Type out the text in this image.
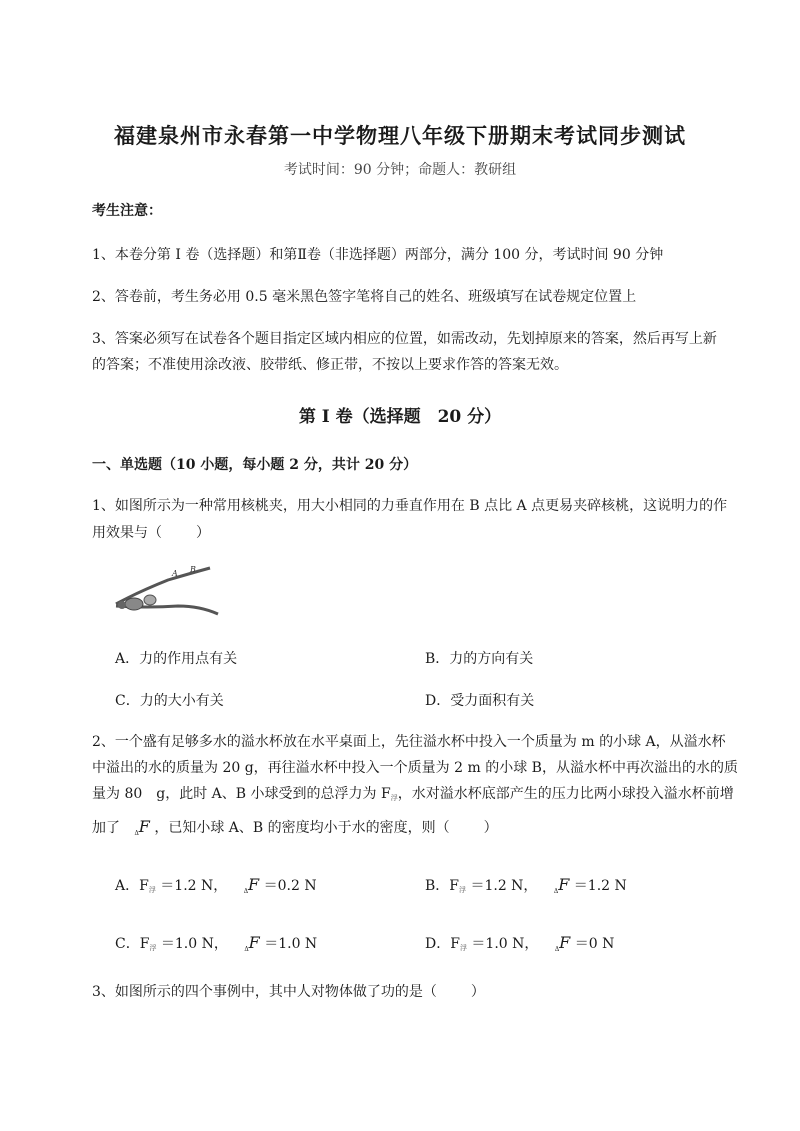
福建泉州市永春第一中学物理八年级下册期末考试同步测试
考试时间：90 分钟；命题人：教研组
考生注意：
1、本卷分第 I 卷（选择题）和第Ⅱ卷（非选择题）两部分，满分 100 分，考试时间 90 分钟
2、答卷前，考生务必用 0.5 毫米黑色签字笔将自己的姓名、班级填写在试卷规定位置上
3、答案必须写在试卷各个题目指定区域内相应的位置，如需改动，先划掉原来的答案，然后再写上新
的答案；不准使用涂改液、胶带纸、修正带，不按以上要求作答的答案无效。
第 I 卷（选择题　20 分）
一、单选题（10 小题，每小题 2 分，共计 20 分）
1、如图所示为一种常用核桃夹，用大小相同的力垂直作用在 B 点比 A 点更易夹碎核桃，这说明力的作
用效果与（ ）
A B
A．力的作用点有关	B．力的方向有关
C．力的大小有关	D．受力面积有关
2、一个盛有足够多水的溢水杯放在水平桌面上，先往溢水杯中投入一个质量为 m 的小球 A，从溢水杯
中溢出的水的质量为 20 g，再往溢水杯中投入一个质量为 2 m 的小球 B，从溢水杯中再次溢出的水的质
量为 80　g，此时 A、B 小球受到的总浮力为 $F_浮$，水对溢水杯底部产生的压力比两小球投入溢水杯前增
加了 $_\Delta$F ，已知小球 A、B 的密度均小于水的密度，则（ ）
A．$F_浮 =1.2$ N，	$_\Delta$F ＝0.2 N	B．$F_浮 =1.2$ N，	$_\Delta$F ＝1.2 N
C．$F_浮 =1.0$ N，	$_\Delta$F ＝1.0 N	D．$F_浮 =1.0$ N，	$_\Delta$F ＝0 N
3、如图所示的四个事例中，其中人对物体做了功的是（ ）
